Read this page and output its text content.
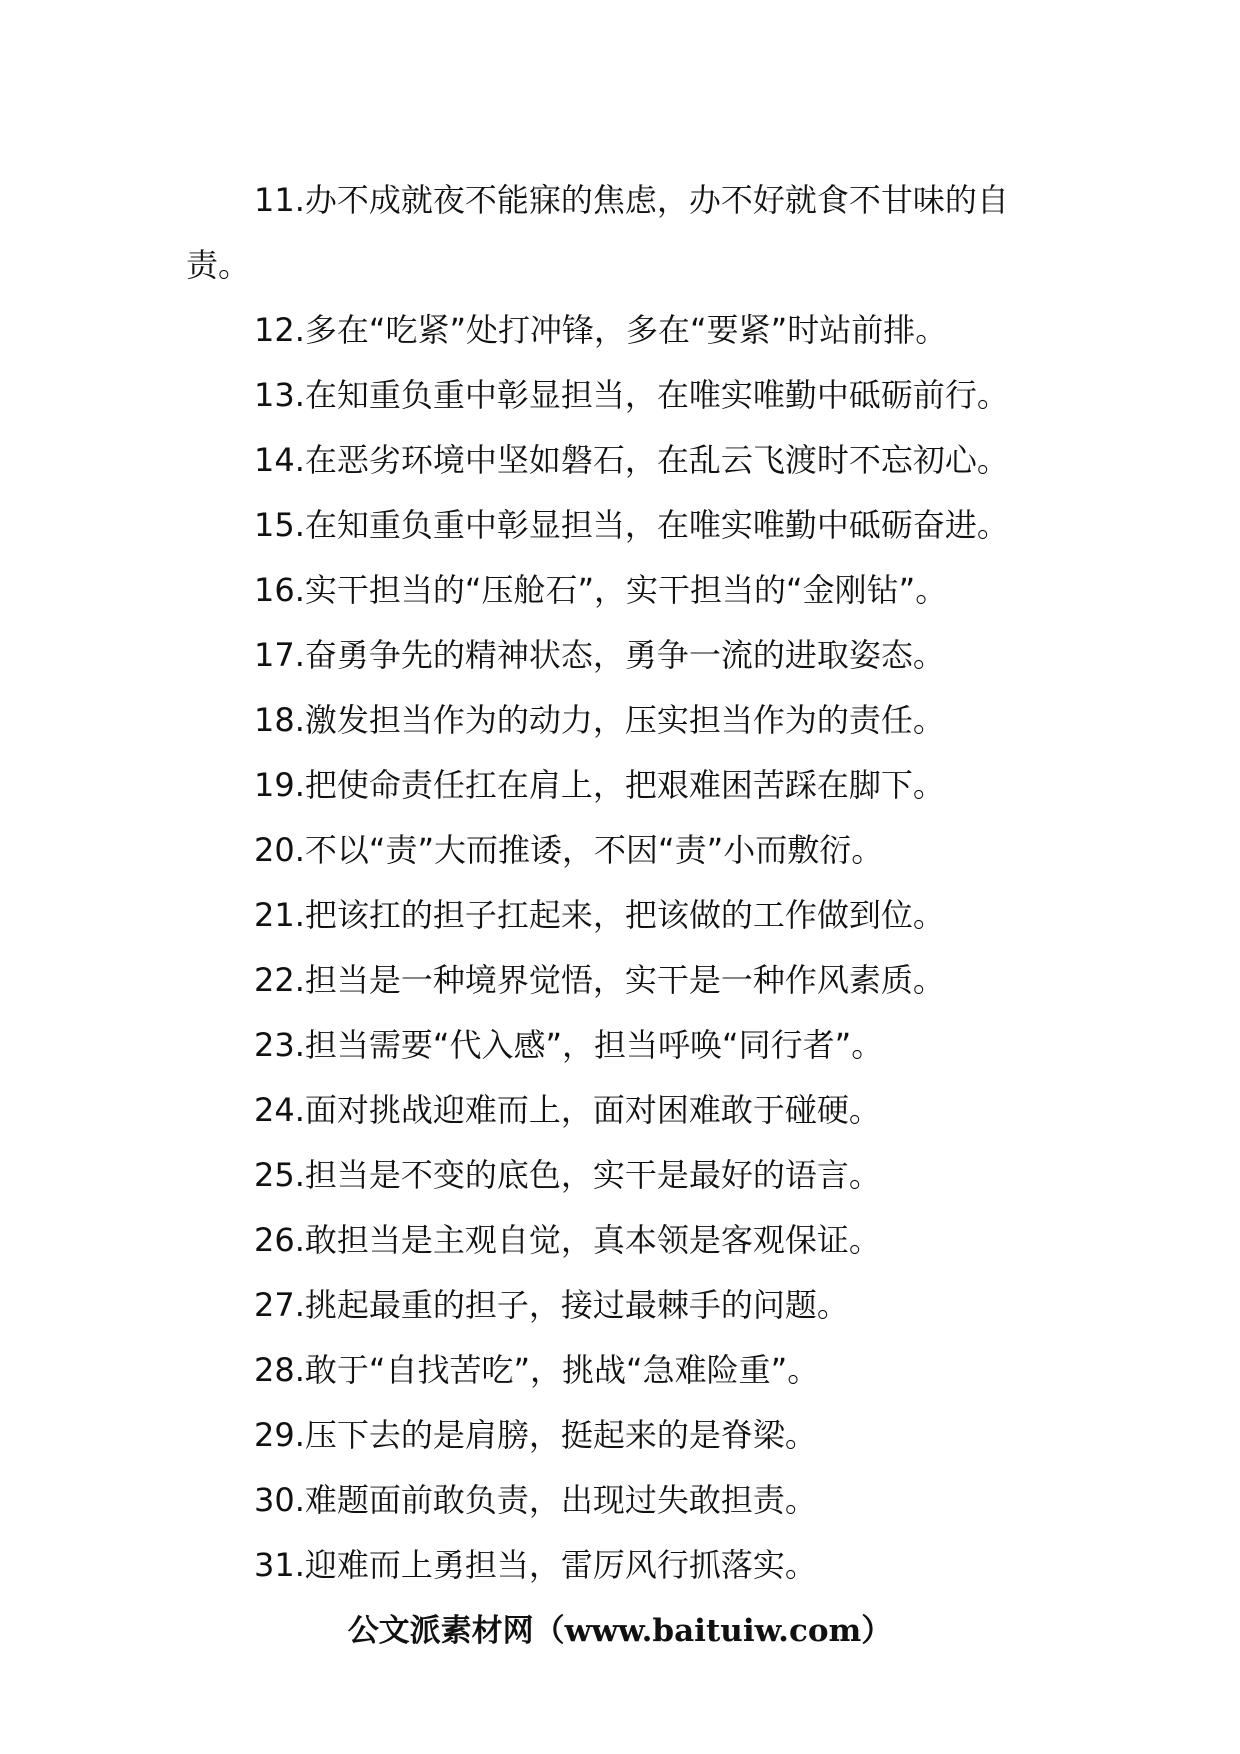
11.办不成就夜不能寐的焦虑，办不好就食不甘味的自责。

12.多在“吃紧”处打冲锋，多在“要紧”时站前排。

13.在知重负重中彰显担当，在唯实唯勤中砥砺前行。

14.在恶劣环境中坚如磐石，在乱云飞渡时不忘初心。

15.在知重负重中彰显担当，在唯实唯勤中砥砺奋进。

16.实干担当的“压舱石”，实干担当的“金刚钻”。

17.奋勇争先的精神状态，勇争一流的进取姿态。

18.激发担当作为的动力，压实担当作为的责任。

19.把使命责任扛在肩上，把艰难困苦踩在脚下。

20.不以“责”大而推诿，不因“责”小而敷衍。

21.把该扛的担子扛起来，把该做的工作做到位。

22.担当是一种境界觉悟，实干是一种作风素质。

23.担当需要“代入感”，担当呼唤“同行者”。

24.面对挑战迎难而上，面对困难敢于碰硬。

25.担当是不变的底色，实干是最好的语言。

26.敢担当是主观自觉，真本领是客观保证。

27.挑起最重的担子，接过最棘手的问题。

28.敢于“自找苦吃”，挑战“急难险重”。

29.压下去的是肩膀，挺起来的是脊梁。

30.难题面前敢负责，出现过失敢担责。

31.迎难而上勇担当，雷厉风行抓落实。

公文派素材网（www.baituiw.com）
